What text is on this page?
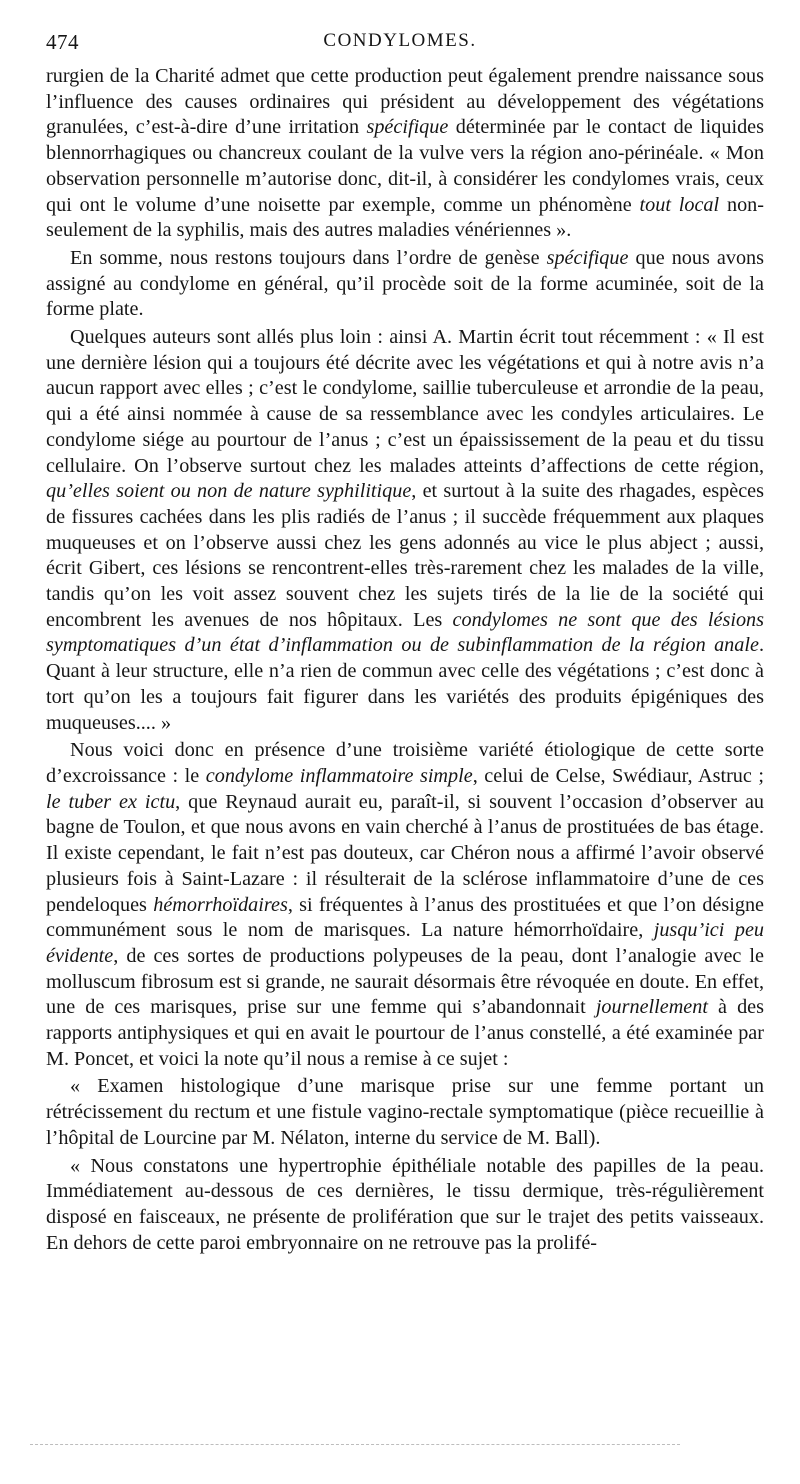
474	CONDYLOMES.

rurgien de la Charité admet que cette production peut également prendre naissance sous l’influence des causes ordinaires qui président au développement des végétations granulées, c’est-à-dire d’une irritation spécifique déterminée par le contact de liquides blennorrhagiques ou chancreux coulant de la vulve vers la région ano-périnéale. « Mon observation personnelle m’autorise donc, dit-il, à considérer les condylomes vrais, ceux qui ont le volume d’une noisette par exemple, comme un phénomène tout local non-seulement de la syphilis, mais des autres maladies vénériennes ».

En somme, nous restons toujours dans l’ordre de genèse spécifique que nous avons assigné au condylome en général, qu’il procède soit de la forme acuminée, soit de la forme plate.

Quelques auteurs sont allés plus loin : ainsi A. Martin écrit tout récemment : « Il est une dernière lésion qui a toujours été décrite avec les végétations et qui à notre avis n’a aucun rapport avec elles ; c’est le condylome, saillie tuberculeuse et arrondie de la peau, qui a été ainsi nommée à cause de sa ressemblance avec les condyles articulaires. Le condylome siége au pourtour de l’anus ; c’est un épaississement de la peau et du tissu cellulaire. On l’observe surtout chez les malades atteints d’affections de cette région, qu’elles soient ou non de nature syphilitique, et surtout à la suite des rhagades, espèces de fissures cachées dans les plis radiés de l’anus ; il succède fréquemment aux plaques muqueuses et on l’observe aussi chez les gens adonnés au vice le plus abject ; aussi, écrit Gibert, ces lésions se rencontrent-elles très-rarement chez les malades de la ville, tandis qu’on les voit assez souvent chez les sujets tirés de la lie de la société qui encombrent les avenues de nos hôpitaux. Les condylomes ne sont que des lésions symptomatiques d’un état d’inflammation ou de subinflammation de la région anale. Quant à leur structure, elle n’a rien de commun avec celle des végétations ; c’est donc à tort qu’on les a toujours fait figurer dans les variétés des produits épigéniques des muqueuses.... »

Nous voici donc en présence d’une troisième variété étiologique de cette sorte d’excroissance : le condylome inflammatoire simple, celui de Celse, Swédiaur, Astruc ; le tuber ex ictu, que Reynaud aurait eu, paraît-il, si souvent l’occasion d’observer au bagne de Toulon, et que nous avons en vain cherché à l’anus de prostituées de bas étage. Il existe cependant, le fait n’est pas douteux, car Chéron nous a affirmé l’avoir observé plusieurs fois à Saint-Lazare : il résulterait de la sclérose inflammatoire d’une de ces pendeloques hémorrhoïdaires, si fréquentes à l’anus des prostituées et que l’on désigne communément sous le nom de marisques. La nature hémorrhoïdaire, jusqu’ici peu évidente, de ces sortes de productions polypeuses de la peau, dont l’analogie avec le molluscum fibrosum est si grande, ne saurait désormais être révoquée en doute. En effet, une de ces marisques, prise sur une femme qui s’abandonnait journellement à des rapports antiphysiques et qui en avait le pourtour de l’anus constellé, a été examinée par M. Poncet, et voici la note qu’il nous a remise à ce sujet :

« Examen histologique d’une marisque prise sur une femme portant un rétrécissement du rectum et une fistule vagino-rectale symptomatique (pièce recueillie à l’hôpital de Lourcine par M. Nélaton, interne du service de M. Ball).

« Nous constatons une hypertrophie épithéliale notable des papilles de la peau. Immédiatement au-dessous de ces dernières, le tissu dermique, très-régulièrement disposé en faisceaux, ne présente de prolifération que sur le trajet des petits vaisseaux. En dehors de cette paroi embryonnaire on ne retrouve pas la prolifé-
